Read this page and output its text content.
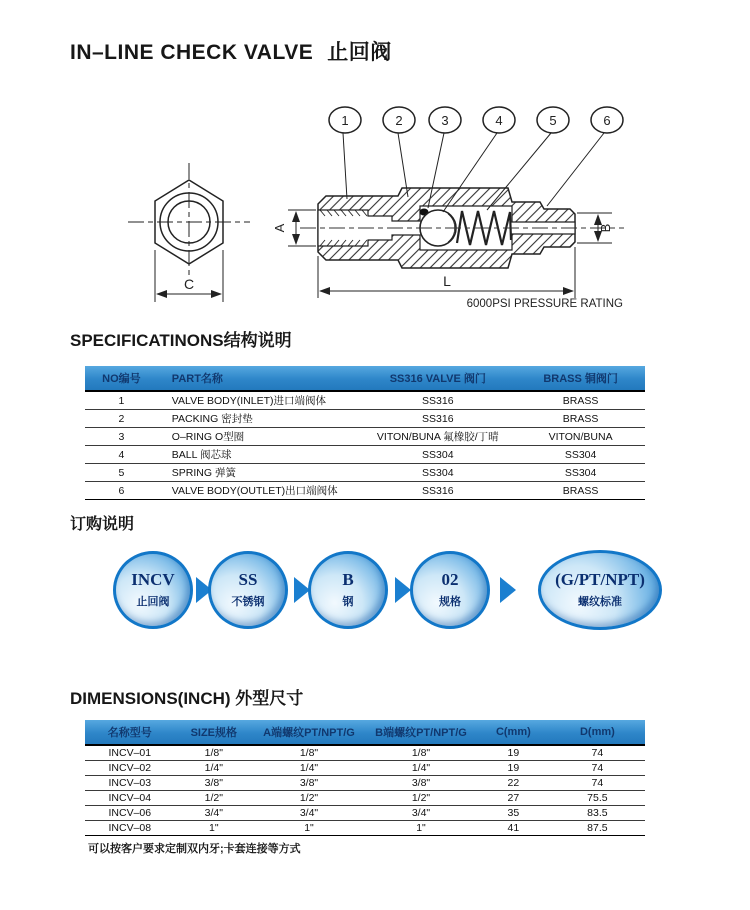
IN–LINE CHECK VALVE 止回阀
C
A	B
L
1	2	3	4	5	6
6000PSI PRESSURE RATING
SPECIFICATINONS结构说明
NO编号	PART名称	SS316 VALVE 阀门	BRASS 铜阀门
1	VALVE BODY(INLET)进口端阀体	SS316	BRASS
2	PACKING 密封垫	SS316	BRASS
3	O–RING O型圈	VITON/BUNA 氟橡胶/丁晴	VITON/BUNA
4	BALL 阀芯球	SS304	SS304
5	SPRING 弹簧	SS304	SS304
6	VALVE BODY(OUTLET)出口端阀体	SS316	BRASS
订购说明
INCV
止回阀
SS
不锈钢
B
钢
02
规格
(G/PT/NPT)
螺纹标准
DIMENSIONS(INCH) 外型尺寸
名称型号	SIZE规格	A端螺纹PT/NPT/G	B端螺纹PT/NPT/G	C(mm)	D(mm)
INCV–01	1/8"	1/8"	1/8"	19	74
INCV–02	1/4"	1/4"	1/4"	19	74
INCV–03	3/8"	3/8"	3/8"	22	74
INCV–04	1/2"	1/2"	1/2"	27	75.5
INCV–06	3/4"	3/4"	3/4"	35	83.5
INCV–08	1"	1"	1"	41	87.5
可以按客户要求定制双内牙;卡套连接等方式
